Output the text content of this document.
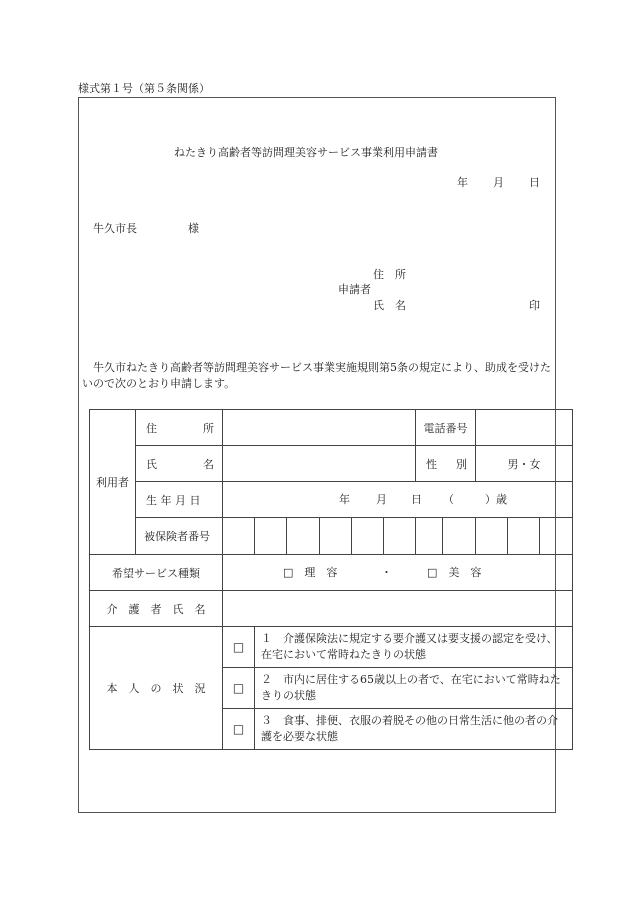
様式第１号（第５条関係）
ねたきり高齢者等訪問理美容サービス事業利用申請書
年 月 日
牛久市長	様
住　所
申請者
氏　名	印
　牛久市ねたきり高齢者等訪問理美容サービス事業実施規則第5条の規定により、助成を受けたいので次のとおり申請します。
利用者	住 所							電話番号				

	氏 名							性 別		男・女		
	生 年 月 日	年 月 日 （ ）歳										

	被保険者番号											
希望サービス種類		□　理　容 ・ □　美　容										

介　護　者　氏　名												
本　人　の　状　況		□	１　介護保険法に規定する要介護又は要支援の認定を受け、在宅において常時ねたきりの状態									
		□	２　市内に居住する65歳以上の者で、在宅において常時ねたきりの状態									
		□	３　食事、排便、衣服の着脱その他の日常生活に他の者の介護を必要な状態									
